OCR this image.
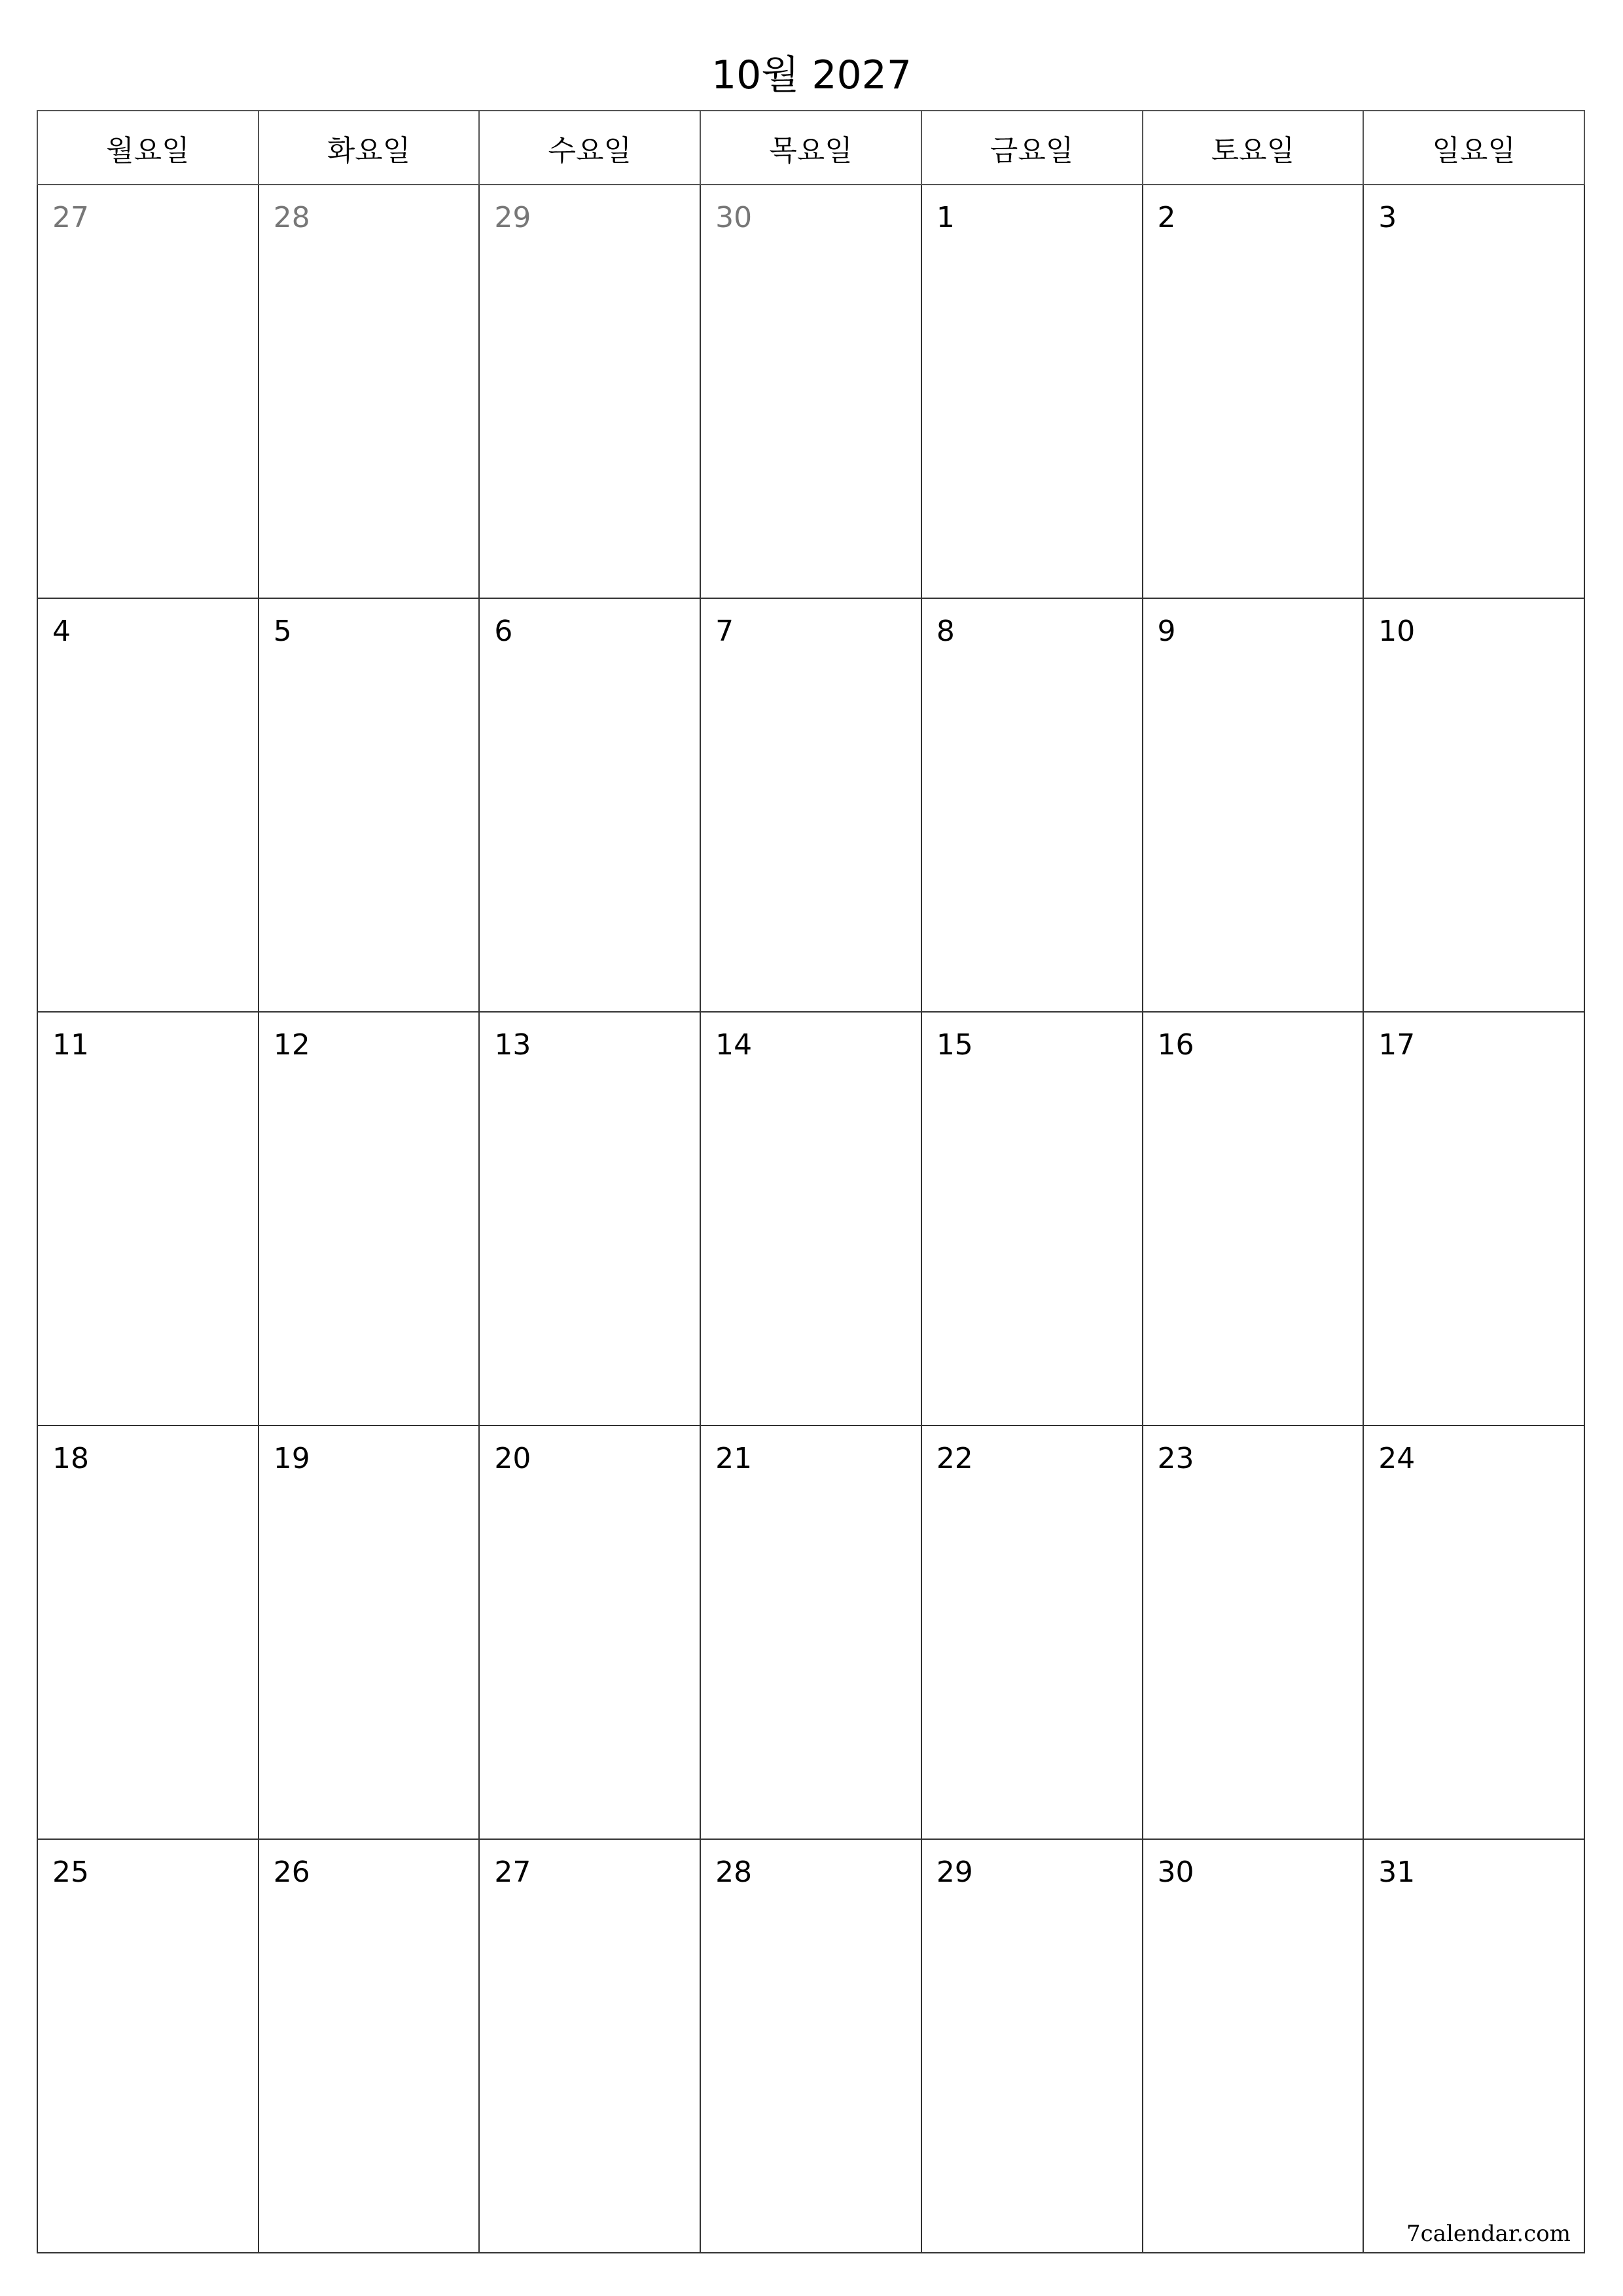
10월 2027
월요일	화요일	수요일	목요일	금요일	토요일	일요일

27	28	29	30	1	2	3

4	5	6	7	8	9	10

11	12	13	14	15	16	17

18	19	20	21	22	23	24

25	26	27	28	29	30	31
7calendar.com
